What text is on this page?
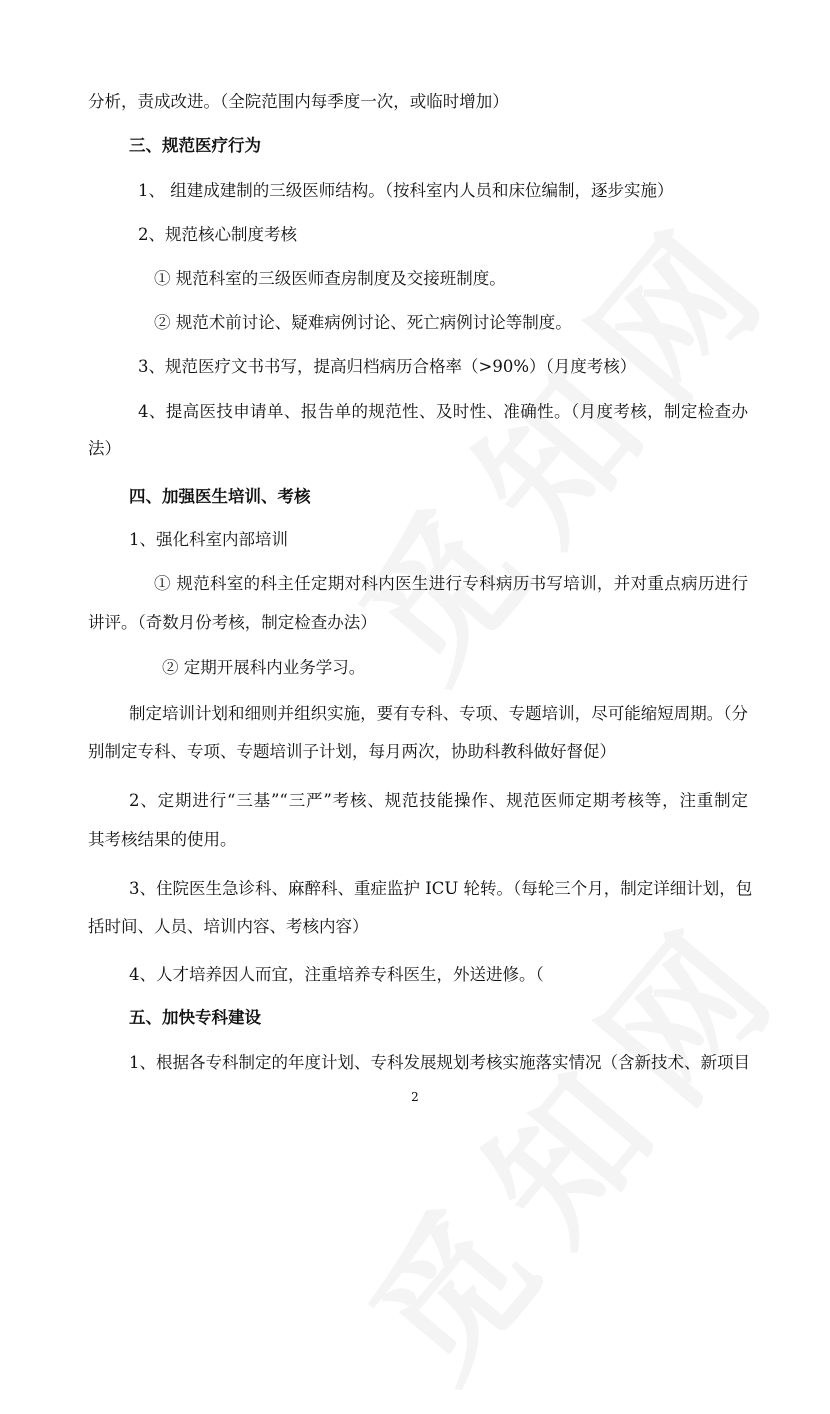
分析，责成改进。（全院范围内每季度一次，或临时增加）
三、规范医疗行为
1、 组建成建制的三级医师结构。（按科室内人员和床位编制，逐步实施）
2、规范核心制度考核
① 规范科室的三级医师查房制度及交接班制度。
② 规范术前讨论、疑难病例讨论、死亡病例讨论等制度。
3、规范医疗文书书写，提高归档病历合格率（>90%）（月度考核）
4、提高医技申请单、报告单的规范性、及时性、准确性。（月度考核，制定检查办
法）
四、加强医生培训、考核
1、强化科室内部培训
① 规范科室的科主任定期对科内医生进行专科病历书写培训，并对重点病历进行
讲评。（奇数月份考核，制定检查办法）
② 定期开展科内业务学习。
制定培训计划和细则并组织实施，要有专科、专项、专题培训，尽可能缩短周期。（分
别制定专科、专项、专题培训子计划，每月两次，协助科教科做好督促）
2、定期进行“三基”“三严”考核、规范技能操作、规范医师定期考核等，注重制定
其考核结果的使用。
3、住院医生急诊科、麻醉科、重症监护 ICU 轮转。（每轮三个月，制定详细计划，包
括时间、人员、培训内容、考核内容）
4、人才培养因人而宜，注重培养专科医生，外送进修。（
五、加快专科建设
1、根据各专科制定的年度计划、专科发展规划考核实施落实情况（含新技术、新项目
2
